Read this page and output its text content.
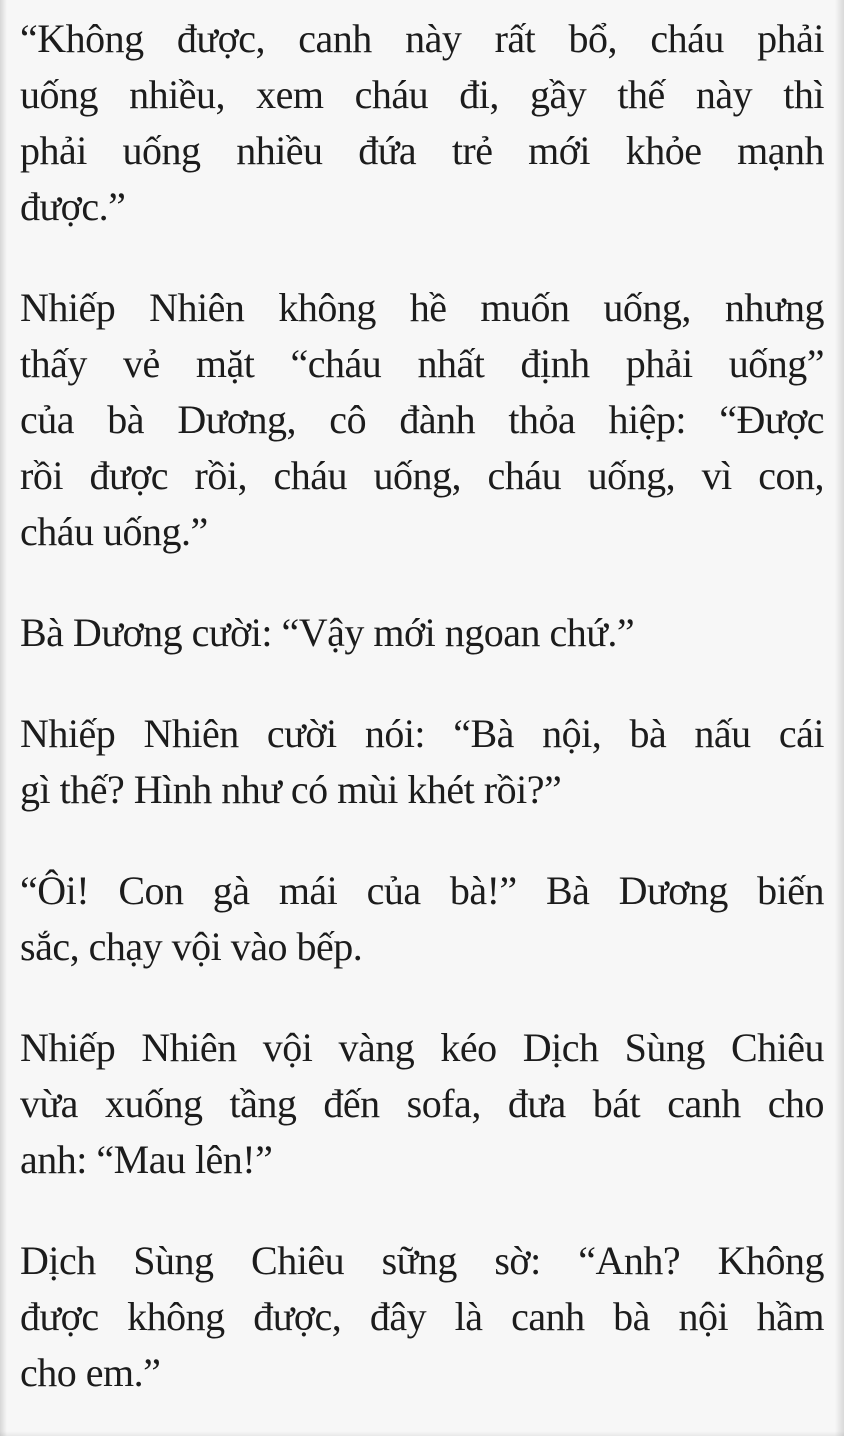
“Không được, canh này rất bổ, cháu phải
uống nhiều, xem cháu đi, gầy thế này thì
phải uống nhiều đứa trẻ mới khỏe mạnh
được.”

Nhiếp Nhiên không hề muốn uống, nhưng
thấy vẻ mặt “cháu nhất định phải uống”
của bà Dương, cô đành thỏa hiệp: “Được
rồi được rồi, cháu uống, cháu uống, vì con,
cháu uống.”

Bà Dương cười: “Vậy mới ngoan chứ.”

Nhiếp Nhiên cười nói: “Bà nội, bà nấu cái
gì thế? Hình như có mùi khét rồi?”

“Ôi! Con gà mái của bà!” Bà Dương biến
sắc, chạy vội vào bếp.

Nhiếp Nhiên vội vàng kéo Dịch Sùng Chiêu
vừa xuống tầng đến sofa, đưa bát canh cho
anh: “Mau lên!”

Dịch Sùng Chiêu sững sờ: “Anh? Không
được không được, đây là canh bà nội hầm
cho em.”
